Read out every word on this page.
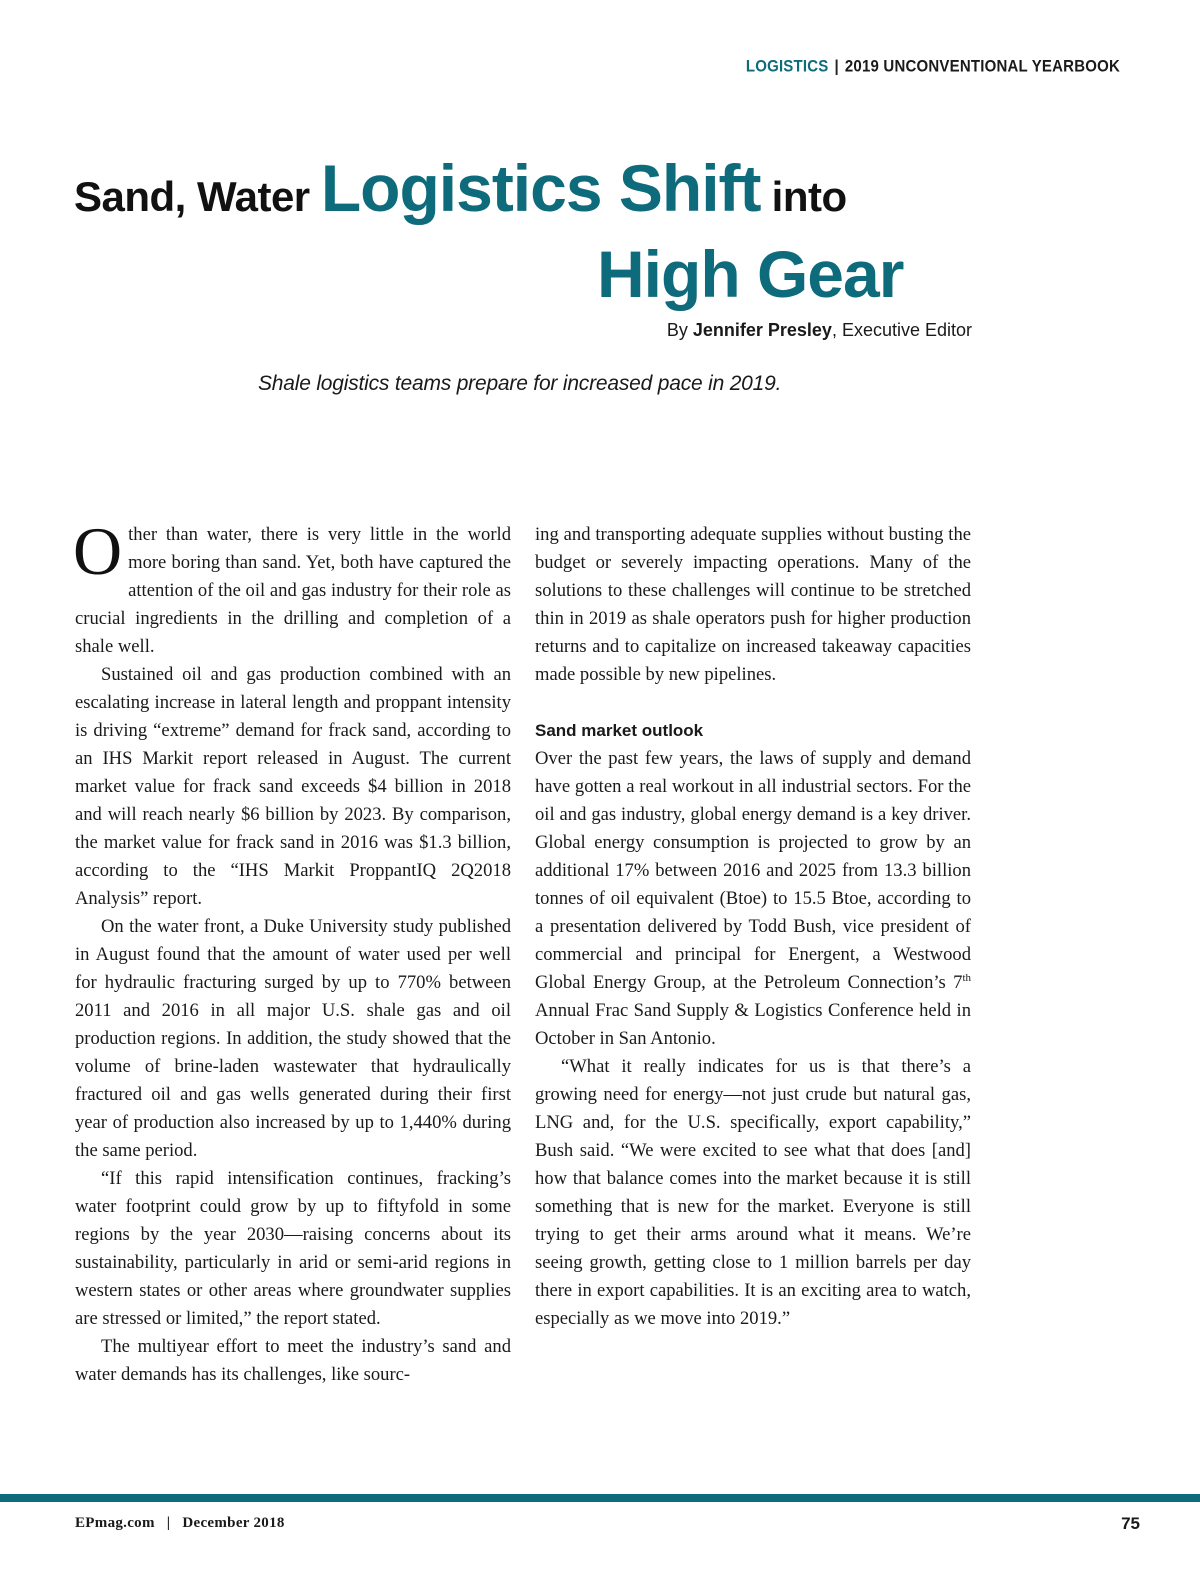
LOGISTICS | 2019 UNCONVENTIONAL YEARBOOK
Sand, Water Logistics Shift into
High Gear
By Jennifer Presley, Executive Editor
Shale logistics teams prepare for increased pace in 2019.

Other than water, there is very little in the world more boring than sand. Yet, both have captured the attention of the oil and gas industry for their role as crucial ingredients in the drilling and completion of a shale well.

Sustained oil and gas production combined with an escalating increase in lateral length and proppant intensity is driving “extreme” demand for frack sand, according to an IHS Markit report released in August. The current market value for frack sand exceeds $4 billion in 2018 and will reach nearly $6 billion by 2023. By comparison, the market value for frack sand in 2016 was $1.3 billion, according to the “IHS Markit ProppantIQ 2Q2018 Analysis” report.

On the water front, a Duke University study published in August found that the amount of water used per well for hydraulic fracturing surged by up to 770% between 2011 and 2016 in all major U.S. shale gas and oil production regions. In addition, the study showed that the volume of brine-laden wastewater that hydraulically fractured oil and gas wells generated during their first year of production also increased by up to 1,440% during the same period.

“If this rapid intensification continues, fracking’s water footprint could grow by up to fiftyfold in some regions by the year 2030—raising concerns about its sustainability, particularly in arid or semi-arid regions in western states or other areas where groundwater supplies are stressed or limited,” the report stated.

The multiyear effort to meet the industry’s sand and water demands has its challenges, like sourc-

ing and transporting adequate supplies without busting the budget or severely impacting operations. Many of the solutions to these challenges will continue to be stretched thin in 2019 as shale operators push for higher production returns and to capitalize on increased takeaway capacities made possible by new pipelines.

Sand market outlook

Over the past few years, the laws of supply and demand have gotten a real workout in all industrial sectors. For the oil and gas industry, global energy demand is a key driver. Global energy consumption is projected to grow by an additional 17% between 2016 and 2025 from 13.3 billion tonnes of oil equivalent (Btoe) to 15.5 Btoe, according to a presentation delivered by Todd Bush, vice president of commercial and principal for Energent, a Westwood Global Energy Group, at the Petroleum Connection’s 7th Annual Frac Sand Supply & Logistics Conference held in October in San Antonio.

“What it really indicates for us is that there’s a growing need for energy—not just crude but natural gas, LNG and, for the U.S. specifically, export capability,” Bush said. “We were excited to see what that does [and] how that balance comes into the market because it is still something that is new for the market. Everyone is still trying to get their arms around what it means. We’re seeing growth, getting close to 1 million barrels per day there in export capabilities. It is an exciting area to watch, especially as we move into 2019.”

EPmag.com | December 2018	75
